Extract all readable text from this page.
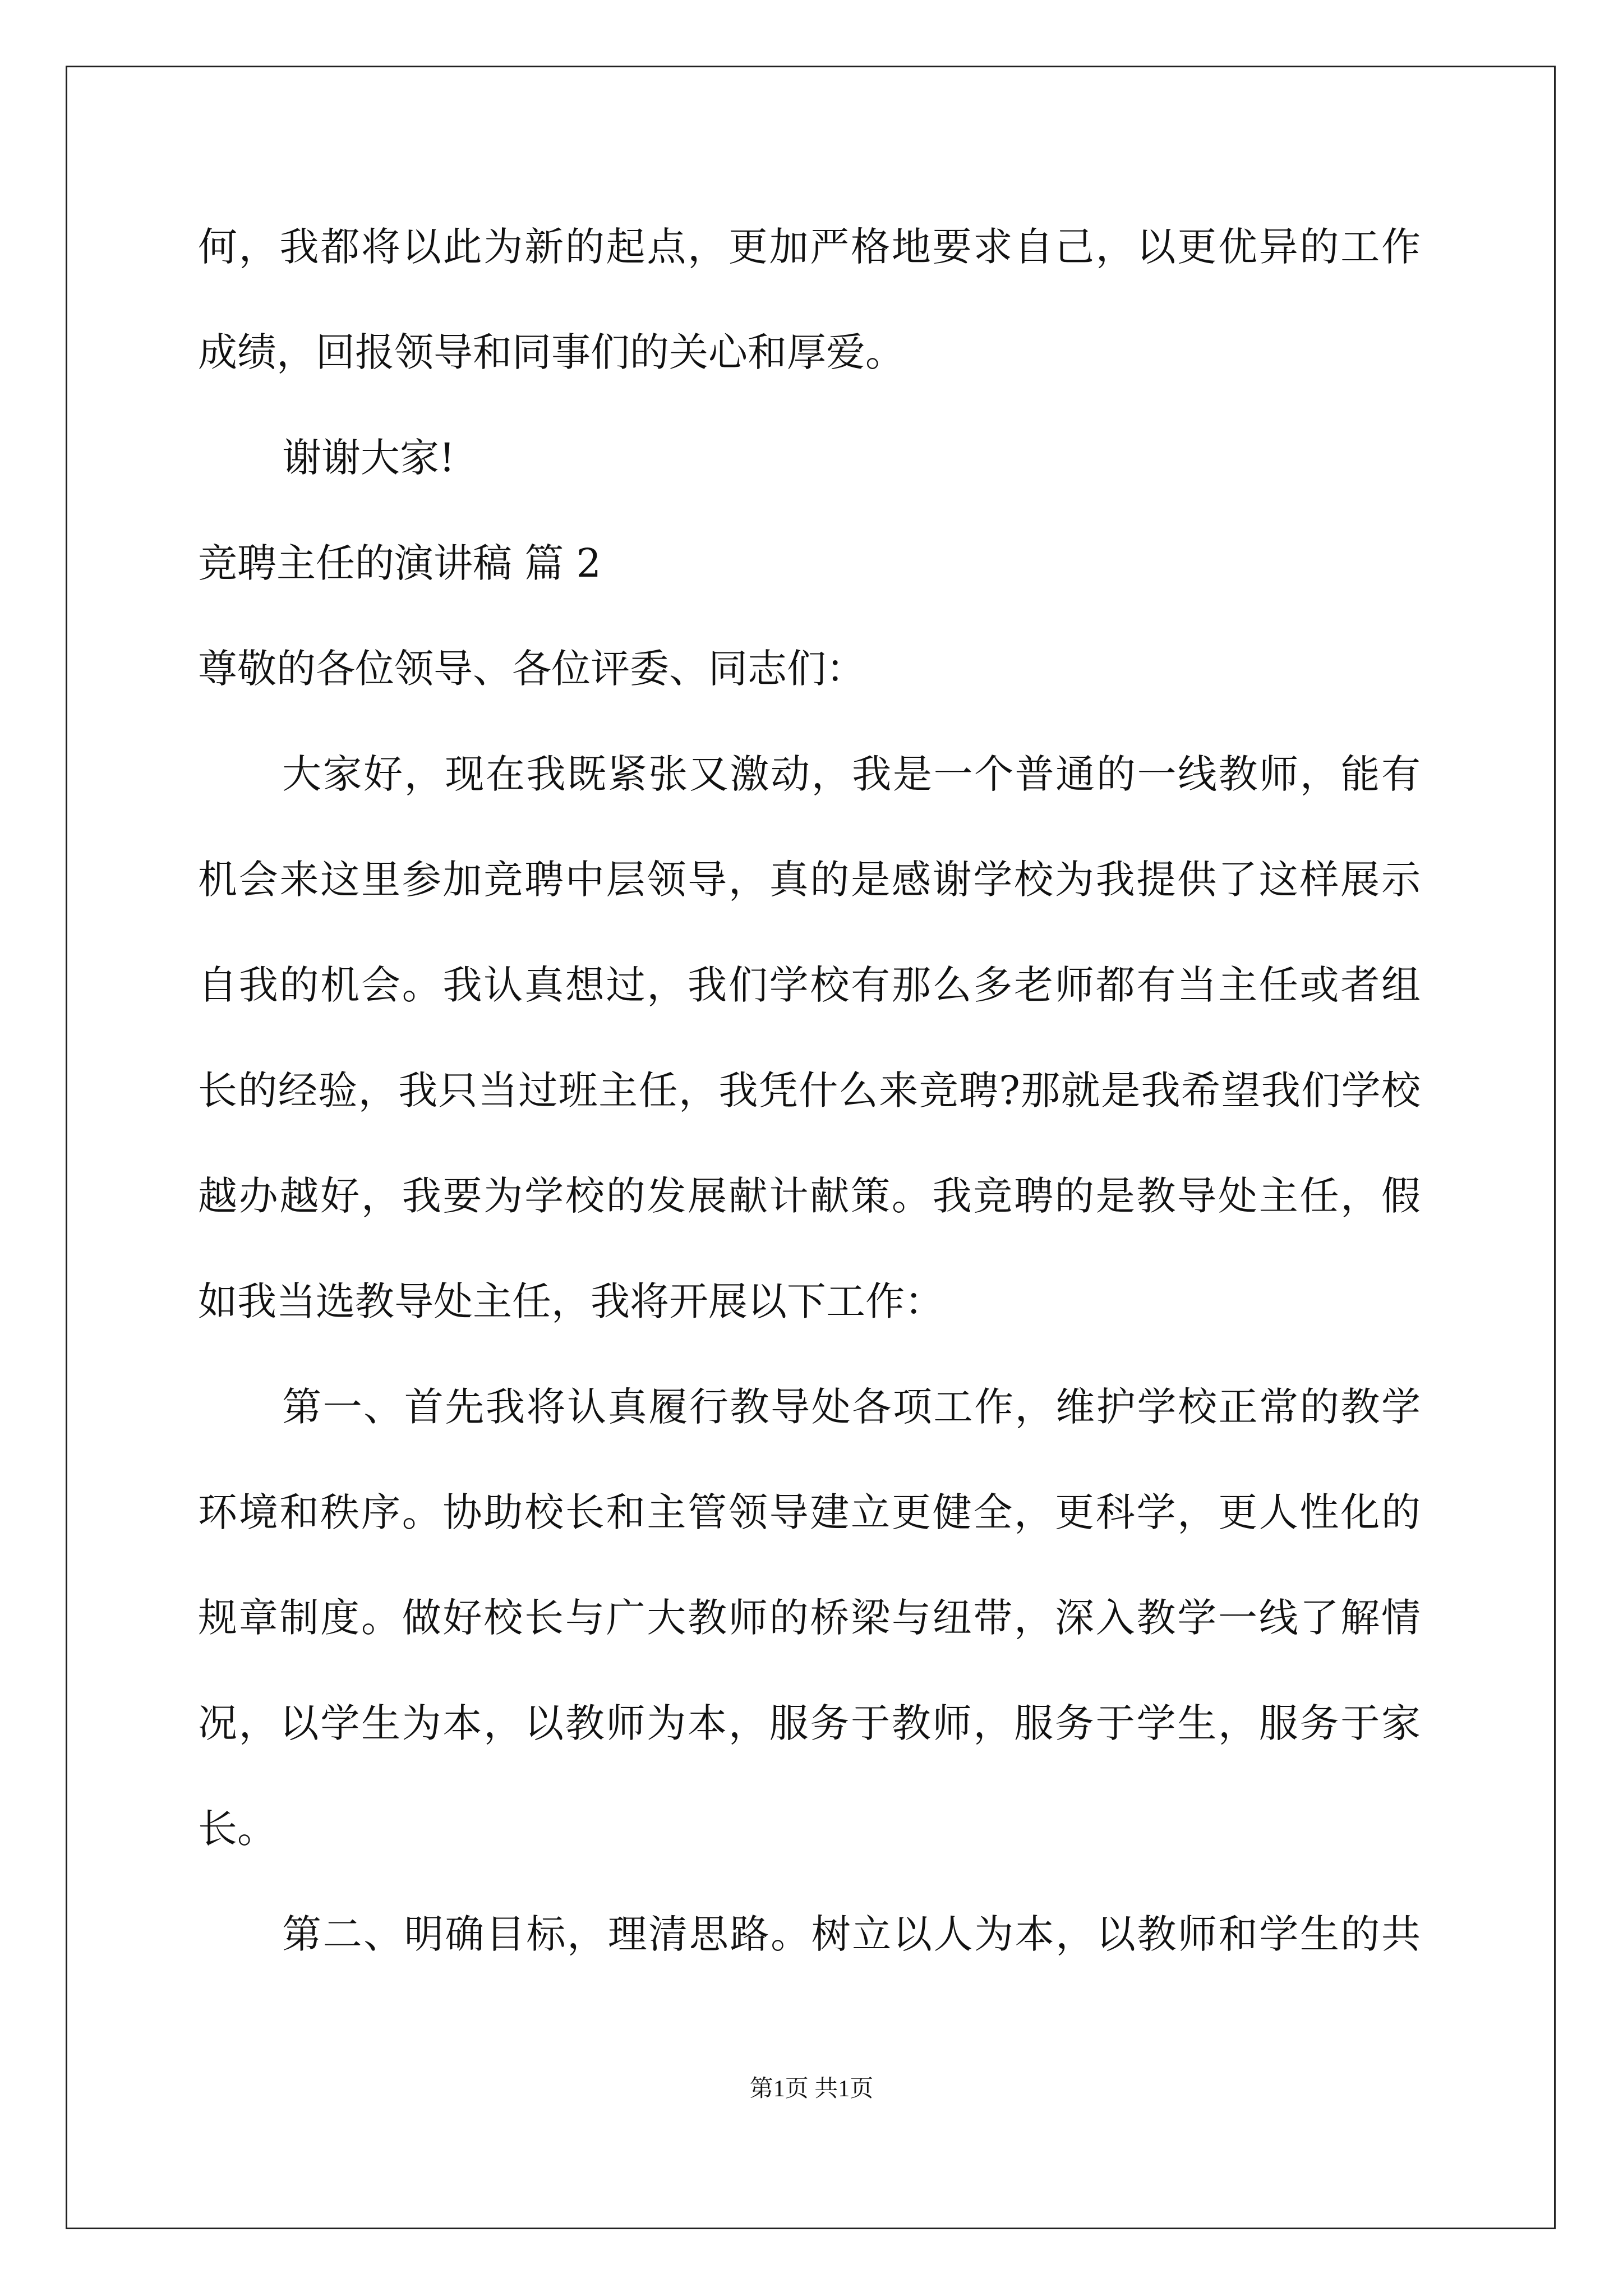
何，我都将以此为新的起点，更加严格地要求自己，以更优异的工作
成绩，回报领导和同事们的关心和厚爱。
谢谢大家!
竞聘主任的演讲稿 篇 2
尊敬的各位领导、各位评委、同志们：
大家好，现在我既紧张又激动，我是一个普通的一线教师，能有
机会来这里参加竞聘中层领导，真的是感谢学校为我提供了这样展示
自我的机会。我认真想过，我们学校有那么多老师都有当主任或者组
长的经验，我只当过班主任，我凭什么来竞聘?那就是我希望我们学校
越办越好，我要为学校的发展献计献策。我竞聘的是教导处主任，假
如我当选教导处主任，我将开展以下工作：
第一、首先我将认真履行教导处各项工作，维护学校正常的教学
环境和秩序。协助校长和主管领导建立更健全，更科学，更人性化的
规章制度。做好校长与广大教师的桥梁与纽带，深入教学一线了解情
况，以学生为本，以教师为本，服务于教师，服务于学生，服务于家
长。
第二、明确目标，理清思路。树立以人为本，以教师和学生的共
第1页 共1页
